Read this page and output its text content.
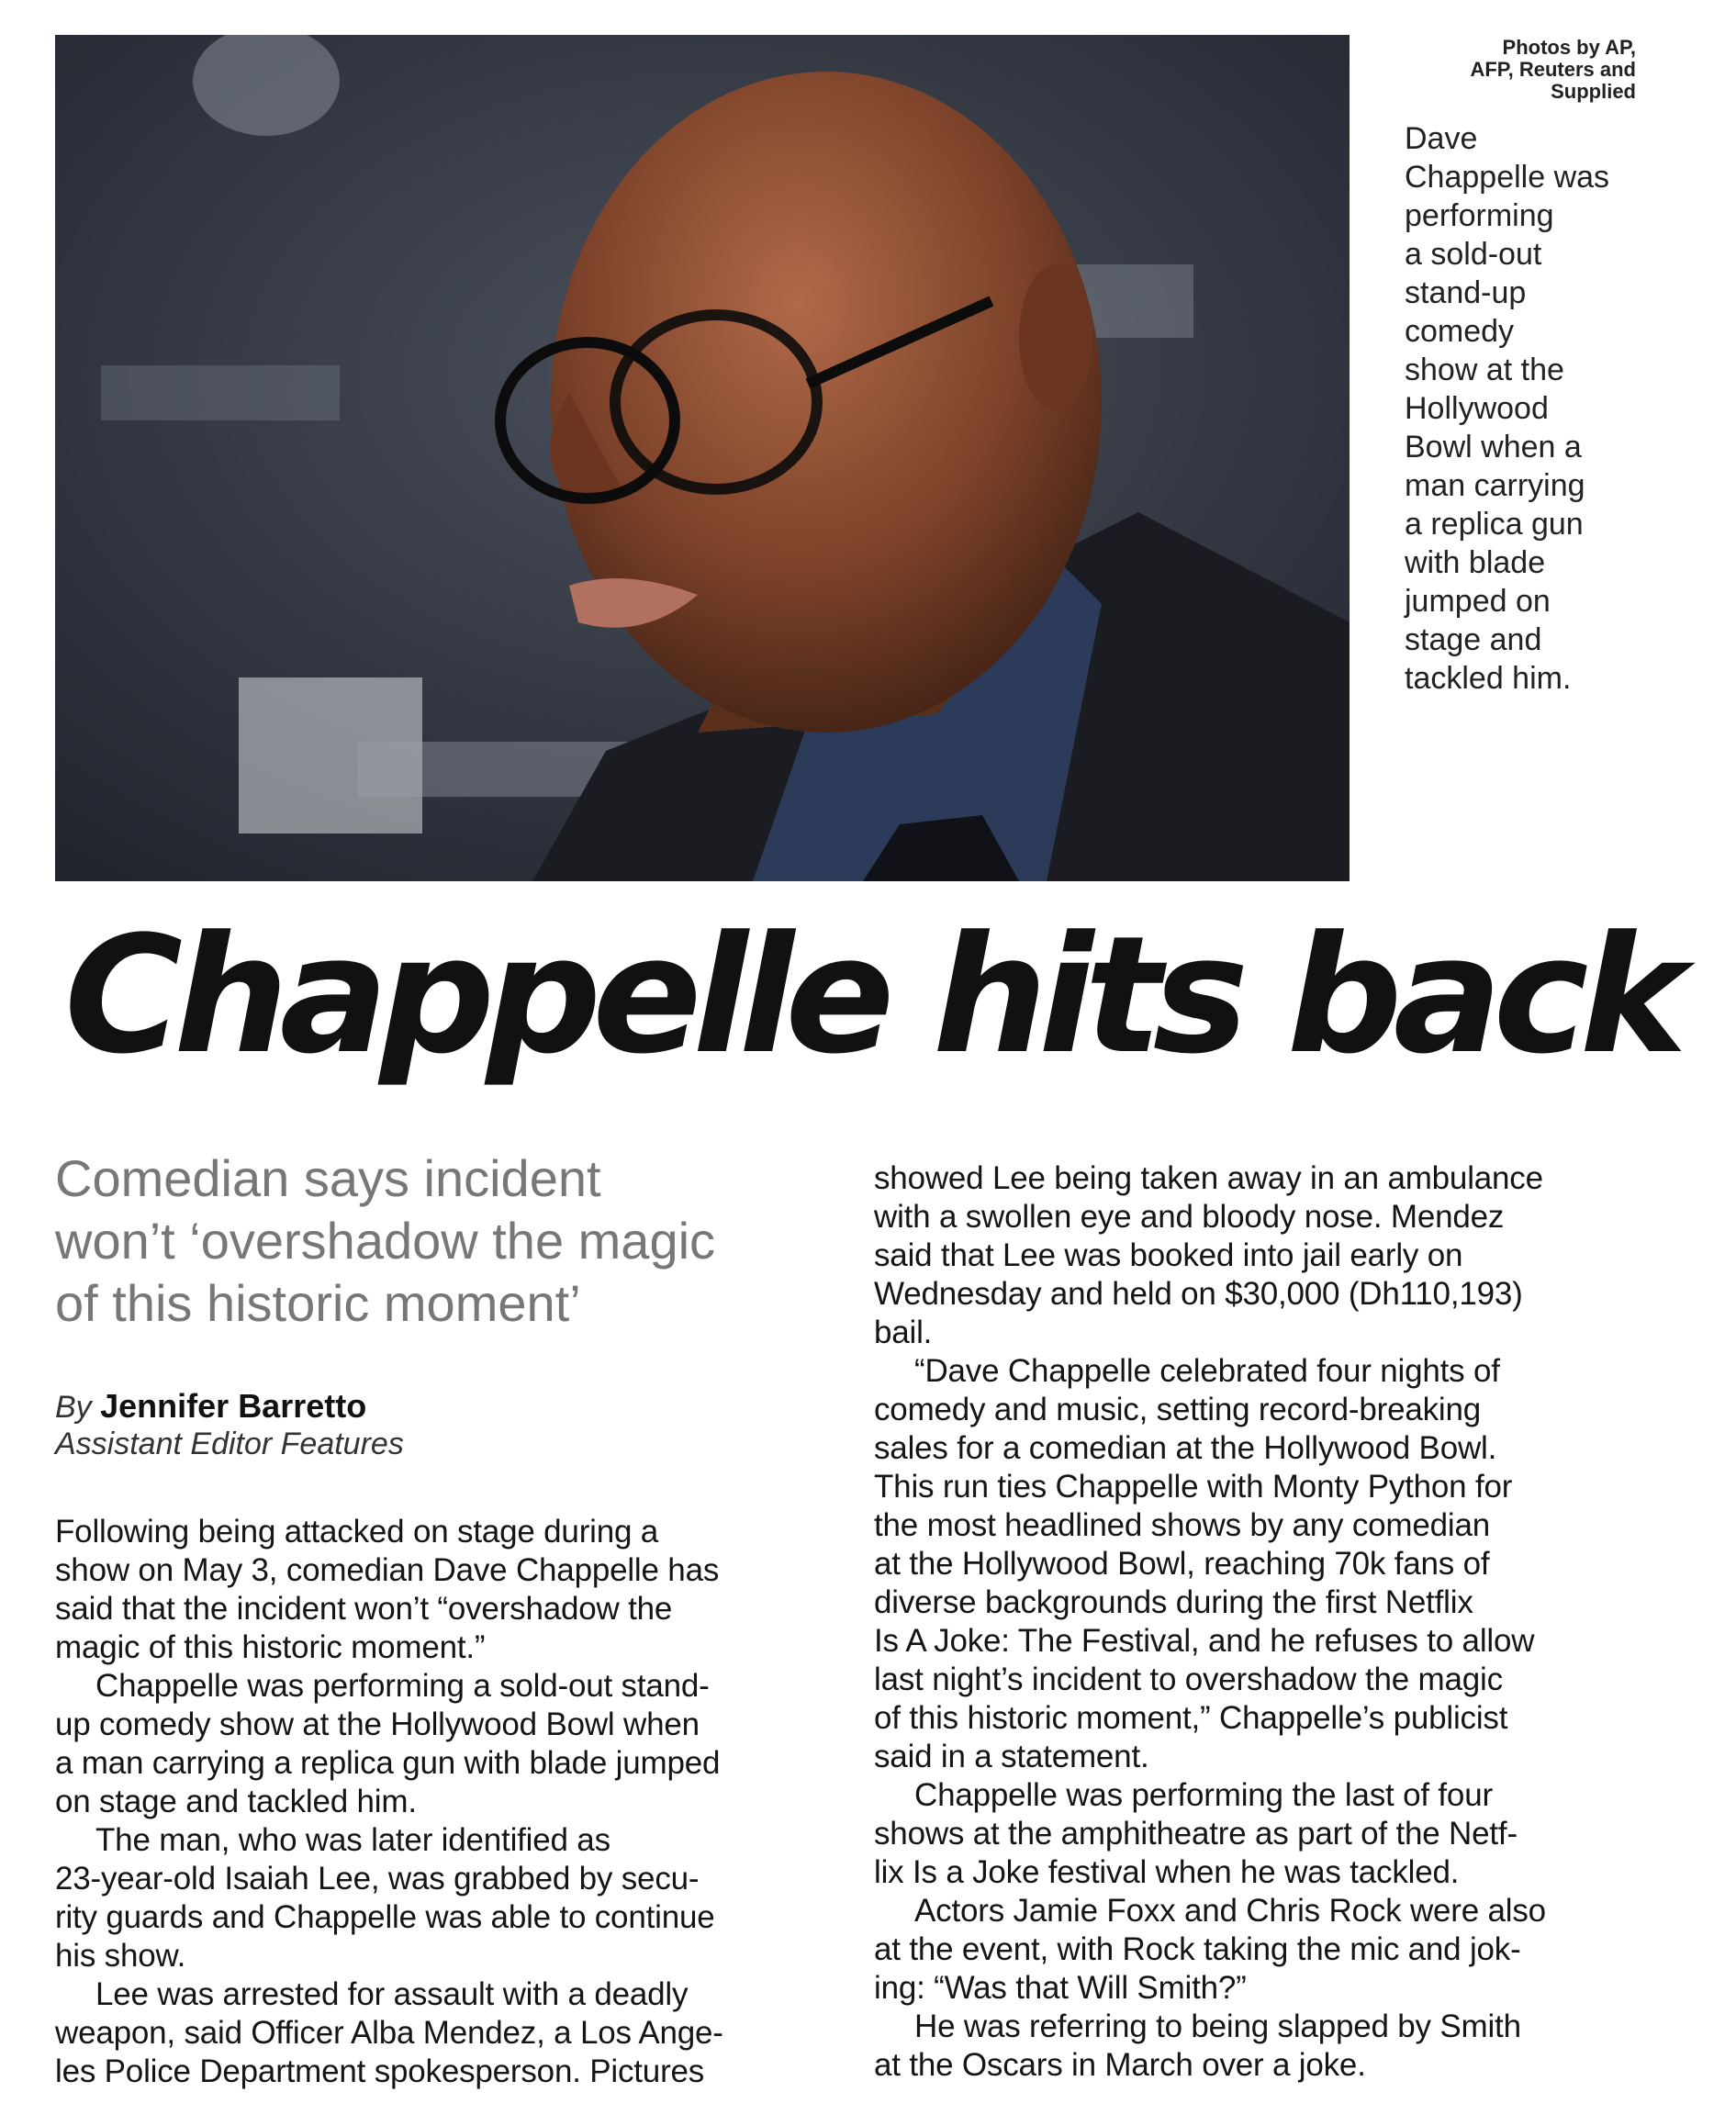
Photos by AP,
AFP, Reuters and
Supplied
Dave
Chappelle was
performing
a sold-out
stand-up
comedy
show at the
Hollywood
Bowl when a
man carrying
a replica gun
with blade
jumped on
stage and
tackled him.
Chappelle hits back
Comedian says incident
won’t ‘overshadow the magic
of this historic moment’
By Jennifer Barretto
Assistant Editor Features
Following being attacked on stage during a
show on May 3, comedian Dave Chappelle has
said that the incident won’t “overshadow the
magic of this historic moment.”
Chappelle was performing a sold-out stand-
up comedy show at the Hollywood Bowl when
a man carrying a replica gun with blade jumped
on stage and tackled him.
The man, who was later identified as
23-year-old Isaiah Lee, was grabbed by secu-
rity guards and Chappelle was able to continue
his show.
Lee was arrested for assault with a deadly
weapon, said Officer Alba Mendez, a Los Ange-
les Police Department spokesperson. Pictures
showed Lee being taken away in an ambulance
with a swollen eye and bloody nose. Mendez
said that Lee was booked into jail early on
Wednesday and held on $30,000 (Dh110,193)
bail.
“Dave Chappelle celebrated four nights of
comedy and music, setting record-breaking
sales for a comedian at the Hollywood Bowl.
This run ties Chappelle with Monty Python for
the most headlined shows by any comedian
at the Hollywood Bowl, reaching 70k fans of
diverse backgrounds during the first Netflix
Is A Joke: The Festival, and he refuses to allow
last night’s incident to overshadow the magic
of this historic moment,” Chappelle’s publicist
said in a statement.
Chappelle was performing the last of four
shows at the amphitheatre as part of the Netf-
lix Is a Joke festival when he was tackled.
Actors Jamie Foxx and Chris Rock were also
at the event, with Rock taking the mic and jok-
ing: “Was that Will Smith?”
He was referring to being slapped by Smith
at the Oscars in March over a joke.
